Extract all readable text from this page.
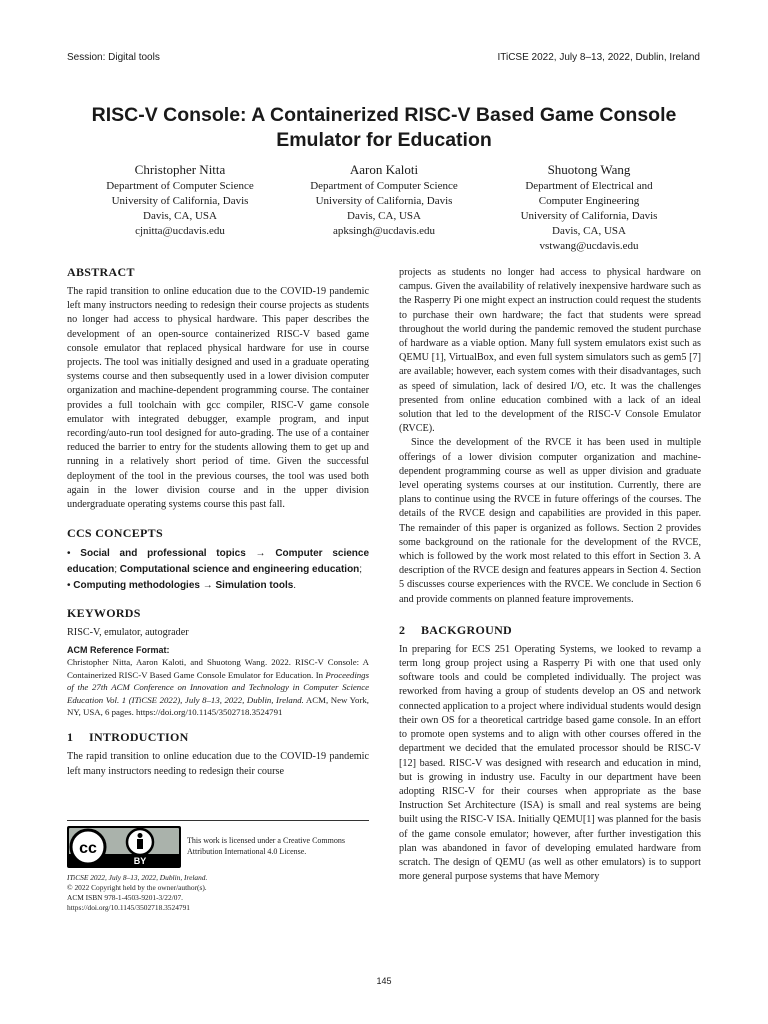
Session: Digital tools	ITiCSE 2022, July 8–13, 2022, Dublin, Ireland
RISC-V Console: A Containerized RISC-V Based Game Console
Emulator for Education
Christopher Nitta
Department of Computer Science
University of California, Davis
Davis, CA, USA
cjnitta@ucdavis.edu
Aaron Kaloti
Department of Computer Science
University of California, Davis
Davis, CA, USA
apksingh@ucdavis.edu
Shuotong Wang
Department of Electrical and
Computer Engineering
University of California, Davis
Davis, CA, USA
vstwang@ucdavis.edu
ABSTRACT

The rapid transition to online education due to the COVID-19 pandemic left many instructors needing to redesign their course projects as students no longer had access to physical hardware. This paper describes the development of an open-source containerized RISC-V based game console emulator that replaced physical hardware for use in course projects. The tool was initially designed and used in a graduate operating systems course and then subsequently used in a lower division computer organization and machine-dependent programming course. The container provides a full toolchain with gcc compiler, RISC-V game console emulator with integrated debugger, example program, and input recording/auto-run tool designed for auto-grading. The use of a container reduced the barrier to entry for the students allowing them to get up and running in a relatively short period of time. Given the successful deployment of the tool in the previous courses, the tool was used both again in the lower division course and in the upper division undergraduate operating systems course this past fall.

CCS CONCEPTS
• Social and professional topics → Computer science education; Computational science and engineering education;
• Computing methodologies → Simulation tools.
KEYWORDS

RISC-V, emulator, autograder

ACM Reference Format:

Christopher Nitta, Aaron Kaloti, and Shuotong Wang. 2022. RISC-V Console: A Containerized RISC-V Based Game Console Emulator for Education. In Proceedings of the 27th ACM Conference on Innovation and Technology in Computer Science Education Vol. 1 (ITiCSE 2022), July 8–13, 2022, Dublin, Ireland. ACM, New York, NY, USA, 6 pages. https://doi.org/10.1145/3502718.3524791

1 INTRODUCTION

The rapid transition to online education due to the COVID-19 pandemic left many instructors needing to redesign their course

cc
BY
This work is licensed under a Creative Commons Attribution International 4.0 License.
ITiCSE 2022, July 8–13, 2022, Dublin, Ireland.
© 2022 Copyright held by the owner/author(s).
ACM ISBN 978-1-4503-9201-3/22/07.
https://doi.org/10.1145/3502718.3524791

projects as students no longer had access to physical hardware on campus. Given the availability of relatively inexpensive hardware such as the Rasperry Pi one might expect an instruction could request the students to purchase their own hardware; the fact that students were spread throughout the world during the pandemic removed the student purchase of hardware as a viable option. Many full system emulators exist such as QEMU [1], VirtualBox, and even full system simulators such as gem5 [7] are available; however, each system comes with their disadvantages, such as speed of simulation, lack of desired I/O, etc. It was the challenges presented from online education combined with a lack of an ideal solution that led to the development of the RISC-V Console Emulator (RVCE).

Since the development of the RVCE it has been used in multiple offerings of a lower division computer organization and machine-dependent programming course as well as upper division and graduate level operating systems courses at our institution. Currently, there are plans to continue using the RVCE in future offerings of the courses. The details of the RVCE design and capabilities are provided in this paper. The remainder of this paper is organized as follows. Section 2 provides some background on the rationale for the development of the RVCE, which is followed by the work most related to this effort in Section 3. A description of the RVCE design and features appears in Section 4. Section 5 discusses course experiences with the RVCE. We conclude in Section 6 and provide comments on planned feature improvements.

2 BACKGROUND

In preparing for ECS 251 Operating Systems, we looked to revamp a term long group project using a Rasperry Pi with one that used only software tools and could be completed individually. The project was reworked from having a group of students develop an OS and network connected application to a project where individual students would design their own OS for a theoretical cartridge based game console. In an effort to promote open systems and to align with other courses offered in the department we decided that the emulated processor should be RISC-V [12] based. RISC-V was designed with research and education in mind, but is growing in industry use. Faculty in our department have been adopting RISC-V for their courses when appropriate as the base Instruction Set Architecture (ISA) is small and real systems are being built using the RISC-V ISA. Initially QEMU[1] was planned for the basis of the game console emulator; however, after further investigation this plan was abandoned in favor of developing emulated hardware from scratch. The design of QEMU (as well as other emulators) is to support more general purpose systems that have Memory

145
